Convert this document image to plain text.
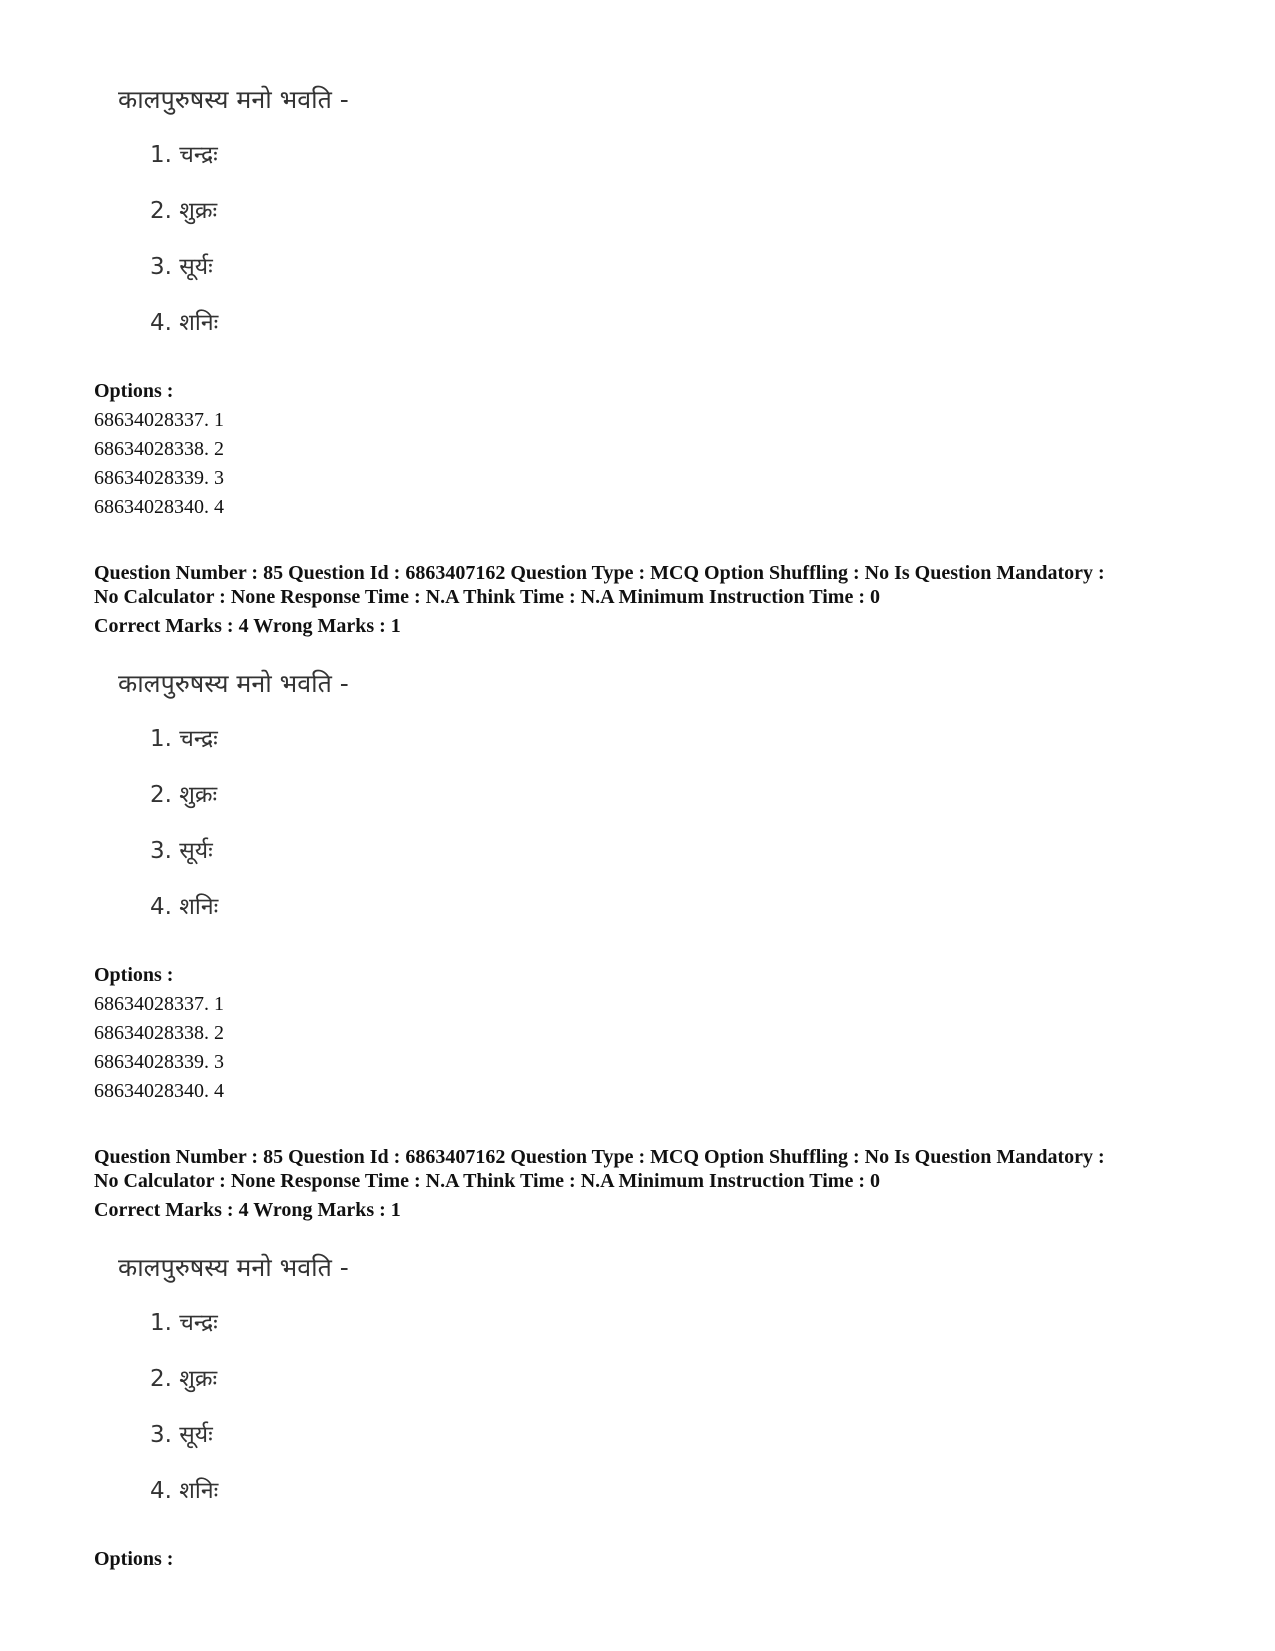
कालपुरुषस्य मनो भवति -
1. चन्द्रः
2. शुक्रः
3. सूर्यः
4. शनिः
Options :
68634028337. 1
68634028338. 2
68634028339. 3
68634028340. 4
Question Number : 85 Question Id : 6863407162 Question Type : MCQ Option Shuffling : No Is Question Mandatory :
No Calculator : None Response Time : N.A Think Time : N.A Minimum Instruction Time : 0
Correct Marks : 4 Wrong Marks : 1
कालपुरुषस्य मनो भवति -
1. चन्द्रः
2. शुक्रः
3. सूर्यः
4. शनिः
Options :
68634028337. 1
68634028338. 2
68634028339. 3
68634028340. 4
Question Number : 85 Question Id : 6863407162 Question Type : MCQ Option Shuffling : No Is Question Mandatory :
No Calculator : None Response Time : N.A Think Time : N.A Minimum Instruction Time : 0
Correct Marks : 4 Wrong Marks : 1
कालपुरुषस्य मनो भवति -
1. चन्द्रः
2. शुक्रः
3. सूर्यः
4. शनिः
Options :
